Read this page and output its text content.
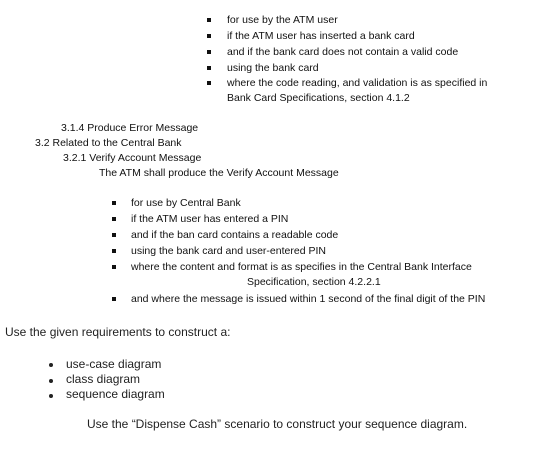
for use by the ATM user
if the ATM user has inserted a bank card
and if the bank card does not contain a valid code
using the bank card
where the code reading, and validation is as specified in
Bank Card Specifications, section 4.1.2
3.1.4 Produce Error Message
3.2 Related to the Central Bank
3.2.1 Verify Account Message
The ATM shall produce the Verify Account Message
for use by Central Bank
if the ATM user has entered a PIN
and if the ban card contains a readable code
using the bank card and user-entered PIN
where the content and format is as specifies in the Central Bank Interface
Specification, section 4.2.2.1
and where the message is issued within 1 second of the final digit of the PIN
Use the given requirements to construct a:
use-case diagram
class diagram
sequence diagram
Use the “Dispense Cash” scenario to construct your sequence diagram.
